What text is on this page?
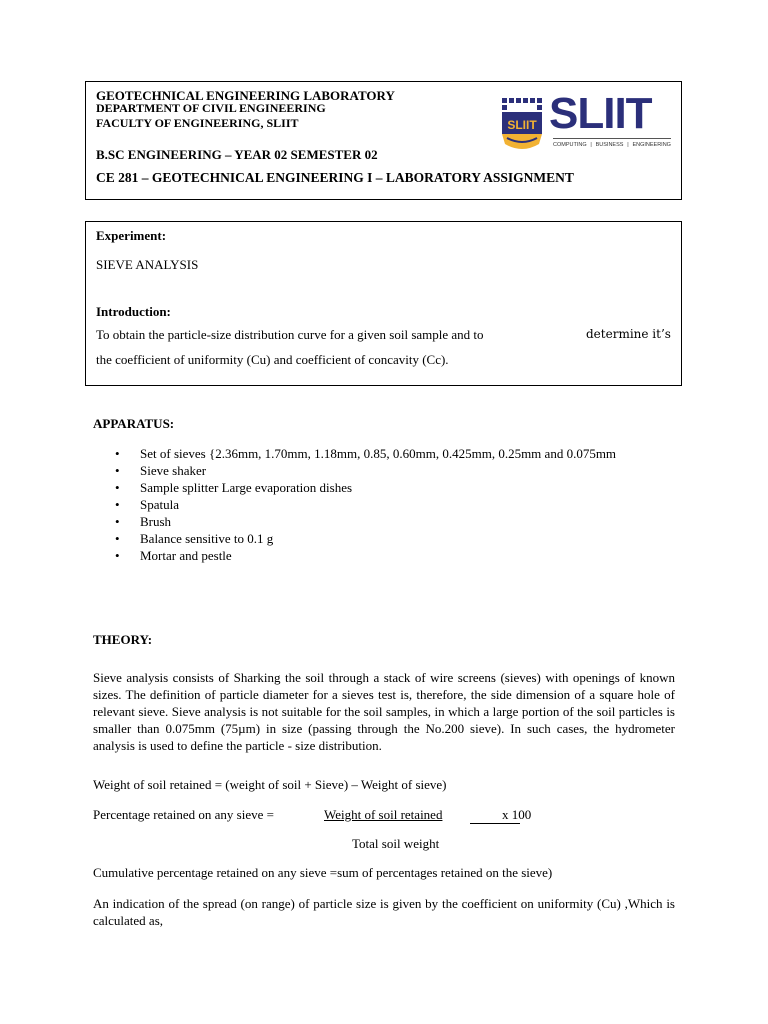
GEOTECHNICAL ENGINEERING LABORATORY
DEPARTMENT OF CIVIL ENGINEERING
FACULTY OF ENGINEERING, SLIIT
B.SC ENGINEERING – YEAR 02 SEMESTER 02
CE 281 – GEOTECHNICAL ENGINEERING I – LABORATORY ASSIGNMENT
SLIIT SLIIT
COMPUTING | BUSINESS | ENGINEERING
Experiment:
SIEVE ANALYSIS
Introduction:
To obtain the particle-size distribution curve for a given soil sample and to	determine it’s
the coefficient of uniformity (Cu) and coefficient of concavity (Cc).
APPARATUS:
• Set of sieves {2.36mm, 1.70mm, 1.18mm, 0.85, 0.60mm, 0.425mm, 0.25mm and 0.075mm
• Sieve shaker
• Sample splitter Large evaporation dishes
• Spatula
• Brush
• Balance sensitive to 0.1 g
• Mortar and pestle
THEORY:
Sieve analysis consists of Sharking the soil through a stack of wire screens (sieves) with openings of known sizes. The definition of particle diameter for a sieves test is, therefore, the side dimension of a square hole of relevant sieve. Sieve analysis is not suitable for the soil samples, in which a large portion of the soil particles is smaller than 0.075mm (75µm) in size (passing through the No.200 sieve). In such cases, the hydrometer analysis is used to define the particle - size distribution.
Weight of soil retained = (weight of soil + Sieve) – Weight of sieve)
Percentage retained on any sieve =	Weight of soil retained	x 100
Total soil weight
Cumulative percentage retained on any sieve =sum of percentages retained on the sieve)
An indication of the spread (on range) of particle size is given by the coefficient on uniformity (Cu) ,Which is calculated as,
